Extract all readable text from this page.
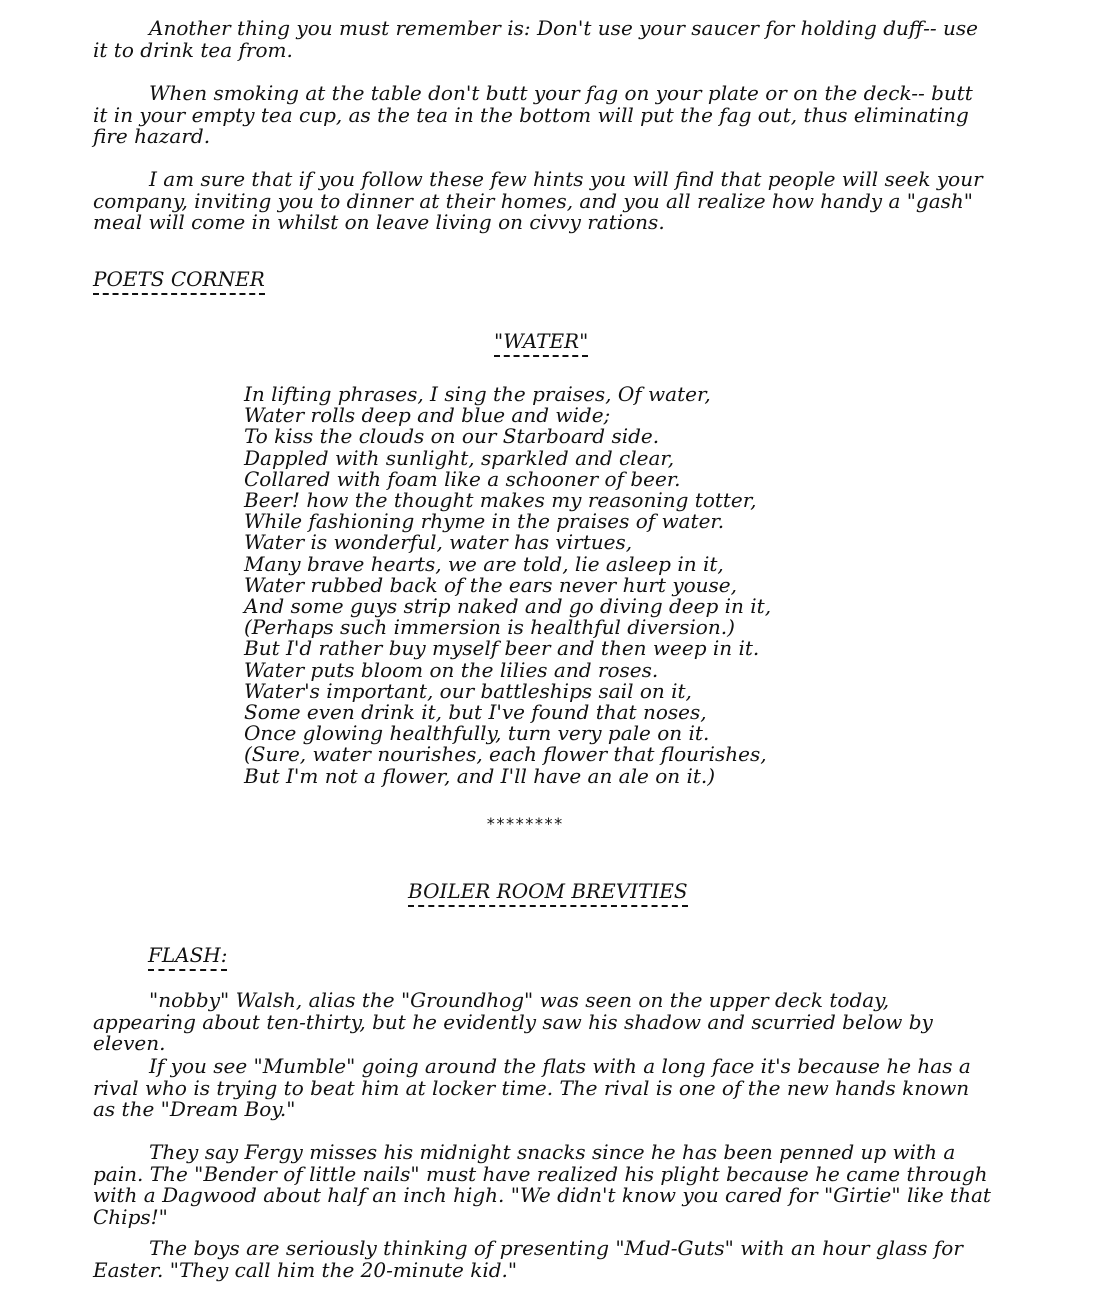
Another thing you must remember is: Don't use your saucer for holding duff-- use it to drink tea from.

When smoking at the table don't butt your fag on your plate or on the deck-- butt it in your empty tea cup, as the tea in the bottom will put the fag out, thus eliminating fire hazard.

I am sure that if you follow these few hints you will find that people will seek your company, inviting you to dinner at their homes, and you all realize how handy a "gash" meal will come in whilst on leave living on civvy rations.

POETS CORNER
"WATER"
In lifting phrases, I sing the praises, Of water,
Water rolls deep and blue and wide;
To kiss the clouds on our Starboard side.
Dappled with sunlight, sparkled and clear,
Collared with foam like a schooner of beer.
Beer! how the thought makes my reasoning totter,
While fashioning rhyme in the praises of water.
Water is wonderful, water has virtues,
Many brave hearts, we are told, lie asleep in it,
Water rubbed back of the ears never hurt youse,
And some guys strip naked and go diving deep in it,
(Perhaps such immersion is healthful diversion.)
But I'd rather buy myself beer and then weep in it.
Water puts bloom on the lilies and roses.
Water's important, our battleships sail on it,
Some even drink it, but I've found that noses,
Once glowing healthfully, turn very pale on it.
(Sure, water nourishes, each flower that flourishes,
But I'm not a flower, and I'll have an ale on it.)

********

BOILER ROOM BREVITIES
FLASH:

"nobby" Walsh, alias the "Groundhog" was seen on the upper deck today, appearing about ten-thirty, but he evidently saw his shadow and scurried below by eleven.

If you see "Mumble" going around the flats with a long face it's because he has a rival who is trying to beat him at locker time. The rival is one of the new hands known as the "Dream Boy."

They say Fergy misses his midnight snacks since he has been penned up with a pain. The "Bender of little nails" must have realized his plight because he came through with a Dagwood about half an inch high. "We didn't know you cared for "Girtie" like that Chips!"

The boys are seriously thinking of presenting "Mud-Guts" with an hour glass for Easter. "They call him the 20-minute kid."
